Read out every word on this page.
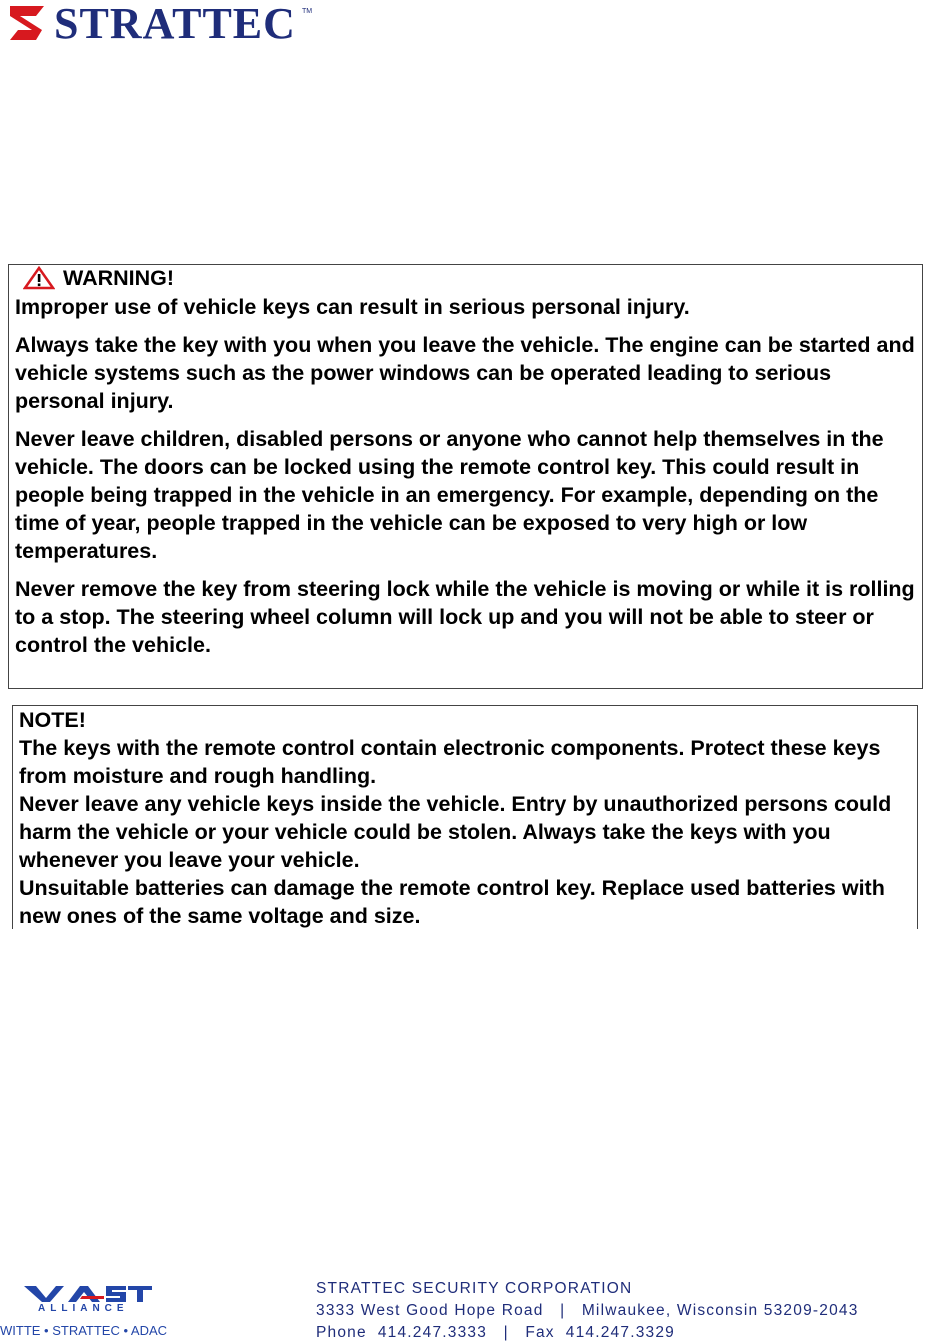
STRATTEC TM
WARNING!

Improper use of vehicle keys can result in serious personal injury.

Always take the key with you when you leave the vehicle. The engine can be started and vehicle systems such as the power windows can be operated leading to serious personal injury.

Never leave children, disabled persons or anyone who cannot help themselves in the vehicle. The doors can be locked using the remote control key. This could result in people being trapped in the vehicle in an emergency. For example, depending on the time of year, people trapped in the vehicle can be exposed to very high or low temperatures.

Never remove the key from steering lock while the vehicle is moving or while it is rolling to a stop. The steering wheel column will lock up and you will not be able to steer or control the vehicle.

NOTE!

The keys with the remote control contain electronic components. Protect these keys from moisture and rough handling.

Never leave any vehicle keys inside the vehicle. Entry by unauthorized persons could harm the vehicle or your vehicle could be stolen. Always take the keys with you whenever you leave your vehicle.

Unsuitable batteries can damage the remote control key. Replace used batteries with new ones of the same voltage and size.

ALLIANCE
WITTE • STRATTEC • ADAC
STRATTEC SECURITY CORPORATION
3333 West Good Hope Road   |   Milwaukee, Wisconsin 53209-2043
Phone  414.247.3333   |   Fax  414.247.3329
